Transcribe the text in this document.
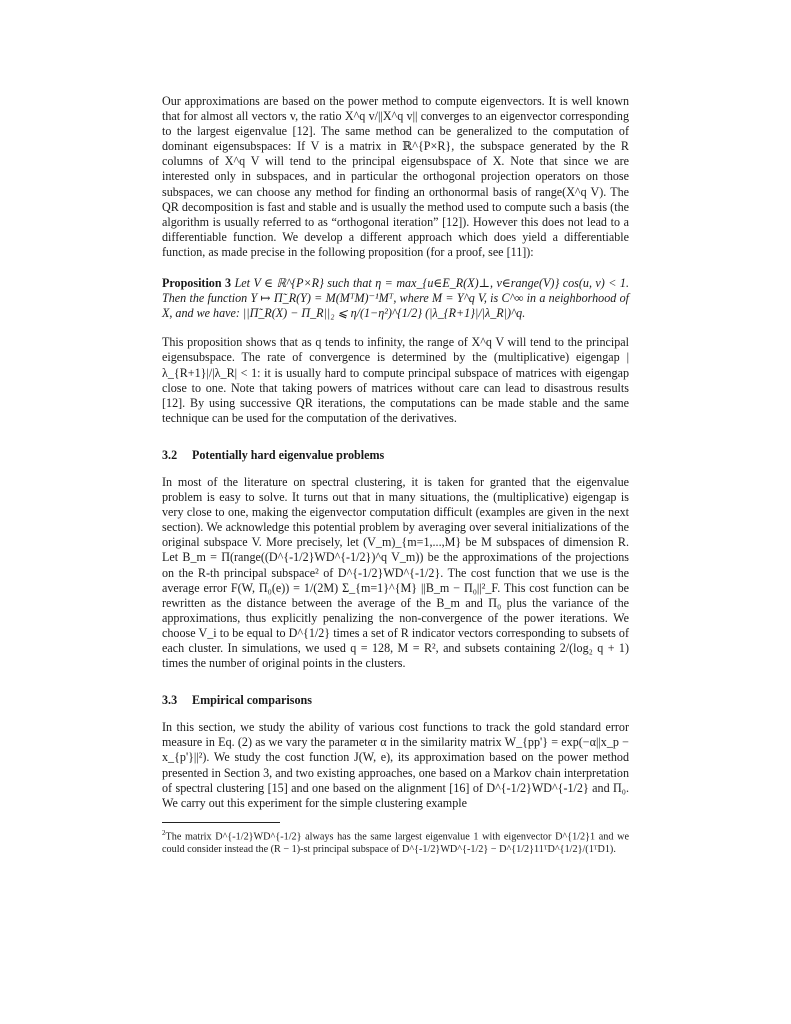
Our approximations are based on the power method to compute eigenvectors. It is well known that for almost all vectors v, the ratio X^q v/||X^q v|| converges to an eigenvector corresponding to the largest eigenvalue [12]. The same method can be generalized to the computation of dominant eigensubspaces: If V is a matrix in ℝ^{P×R}, the subspace generated by the R columns of X^q V will tend to the principal eigensubspace of X. Note that since we are interested only in subspaces, and in particular the orthogonal projection operators on those subspaces, we can choose any method for finding an orthonormal basis of range(X^q V). The QR decomposition is fast and stable and is usually the method used to compute such a basis (the algorithm is usually referred to as “orthogonal iteration” [12]). However this does not lead to a differentiable function. We develop a different approach which does yield a differentiable function, as made precise in the following proposition (for a proof, see [11]):

Proposition 3 Let V ∈ ℝ^{P×R} such that η = max_{u∈E_R(X)⊥, v∈range(V)} cos(u, v) < 1. Then the function Y ↦ Π̃_R(Y) = M(MᵀM)⁻¹Mᵀ, where M = Y^q V, is C^∞ in a neighborhood of X, and we have: ||Π̃_R(X) − Π_R||₂ ⩽ η/(1−η²)^{1/2} (|λ_{R+1}|/|λ_R|)^q.

This proposition shows that as q tends to infinity, the range of X^q V will tend to the principal eigensubspace. The rate of convergence is determined by the (multiplicative) eigengap |λ_{R+1}|/|λ_R| < 1: it is usually hard to compute principal subspace of matrices with eigengap close to one. Note that taking powers of matrices without care can lead to disastrous results [12]. By using successive QR iterations, the computations can be made stable and the same technique can be used for the computation of the derivatives.

3.2 Potentially hard eigenvalue problems

In most of the literature on spectral clustering, it is taken for granted that the eigenvalue problem is easy to solve. It turns out that in many situations, the (multiplicative) eigengap is very close to one, making the eigenvector computation difficult (examples are given in the next section). We acknowledge this potential problem by averaging over several initializations of the original subspace V. More precisely, let (V_m)_{m=1,...,M} be M subspaces of dimension R. Let B_m = Π(range((D^{-1/2}WD^{-1/2})^q V_m)) be the approximations of the projections on the R-th principal subspace² of D^{-1/2}WD^{-1/2}. The cost function that we use is the average error F(W, Π₀(e)) = 1/(2M) Σ_{m=1}^{M} ||B_m − Π₀||²_F. This cost function can be rewritten as the distance between the average of the B_m and Π₀ plus the variance of the approximations, thus explicitly penalizing the non-convergence of the power iterations. We choose V_i to be equal to D^{1/2} times a set of R indicator vectors corresponding to subsets of each cluster. In simulations, we used q = 128, M = R², and subsets containing 2/(log₂ q + 1) times the number of original points in the clusters.

3.3 Empirical comparisons

In this section, we study the ability of various cost functions to track the gold standard error measure in Eq. (2) as we vary the parameter α in the similarity matrix W_{pp'} = exp(−α||x_p − x_{p'}||²). We study the cost function J(W, e), its approximation based on the power method presented in Section 3, and two existing approaches, one based on a Markov chain interpretation of spectral clustering [15] and one based on the alignment [16] of D^{-1/2}WD^{-1/2} and Π₀. We carry out this experiment for the simple clustering example

$^2$The matrix D^{-1/2}WD^{-1/2} always has the same largest eigenvalue 1 with eigenvector D^{1/2}1 and we could consider instead the (R − 1)-st principal subspace of D^{-1/2}WD^{-1/2} − D^{1/2}11ᵀD^{1/2}/(1ᵀD1).
